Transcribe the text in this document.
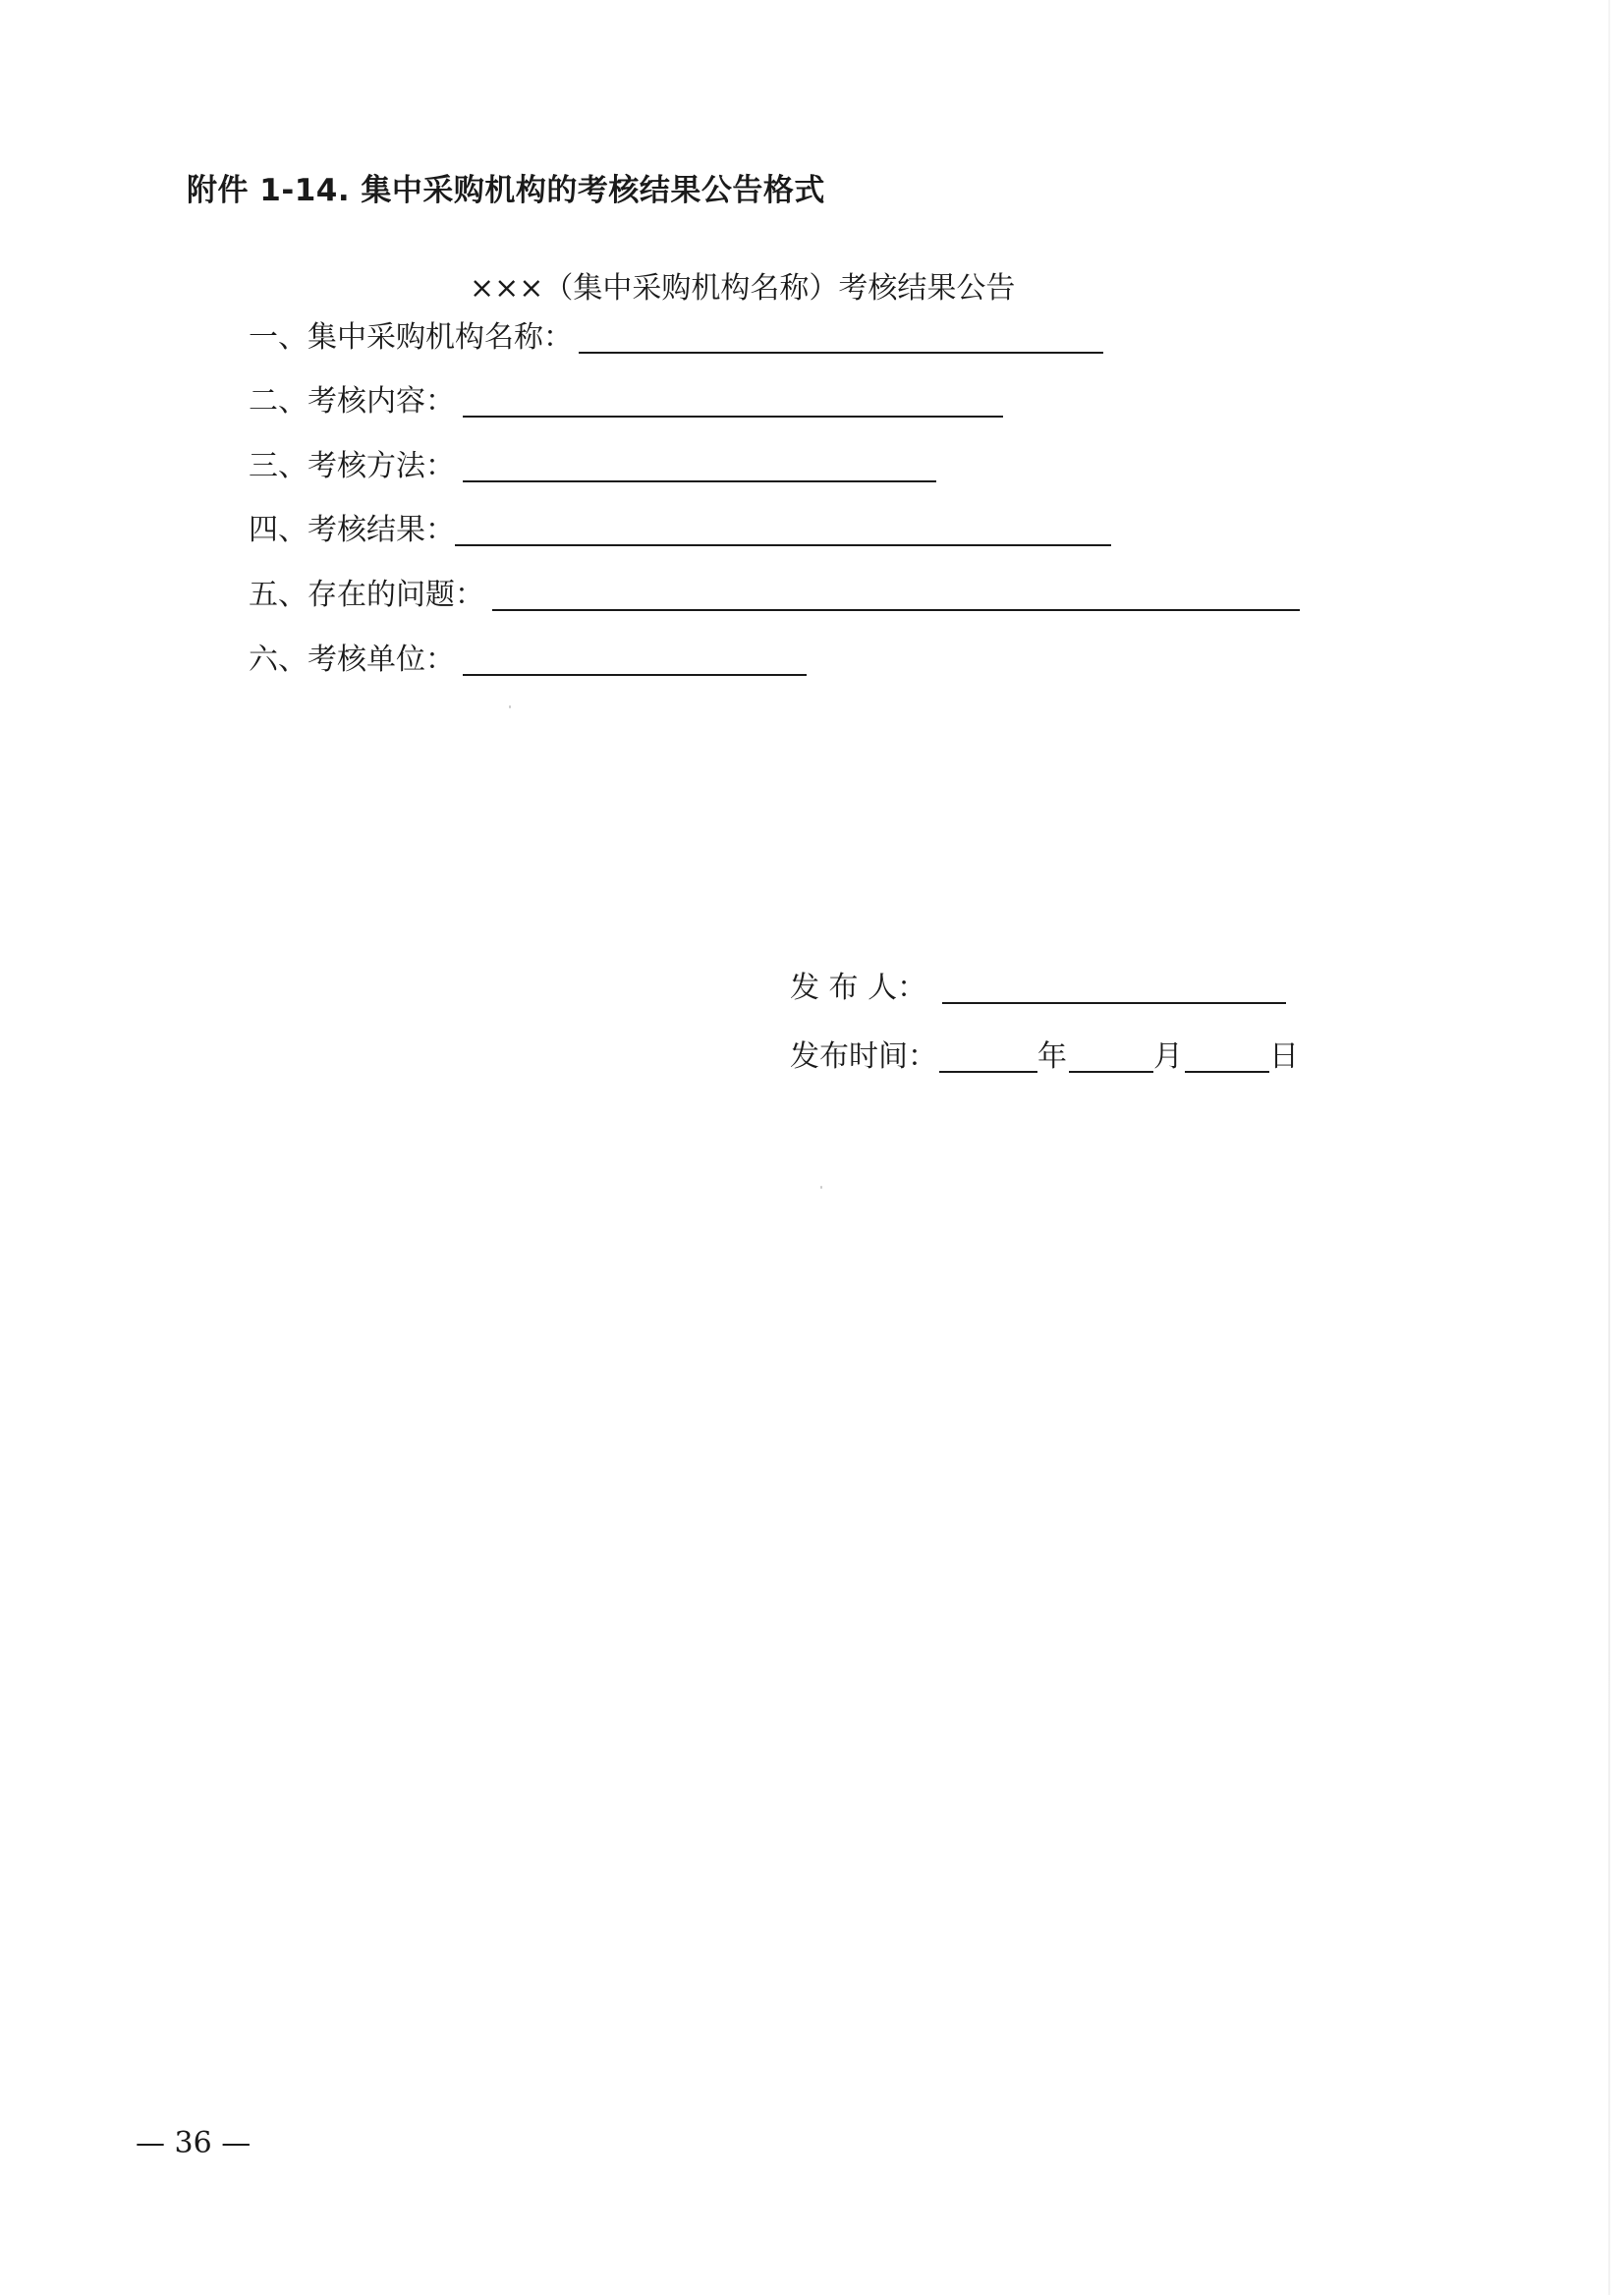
附件 1-14. 集中采购机构的考核结果公告格式
×××（集中采购机构名称）考核结果公告
一、集中采购机构名称：
二、考核内容：
三、考核方法：
四、考核结果：
五、存在的问题：
六、考核单位：
发 布 人：
发布时间：	年	月	日
— 36 —
